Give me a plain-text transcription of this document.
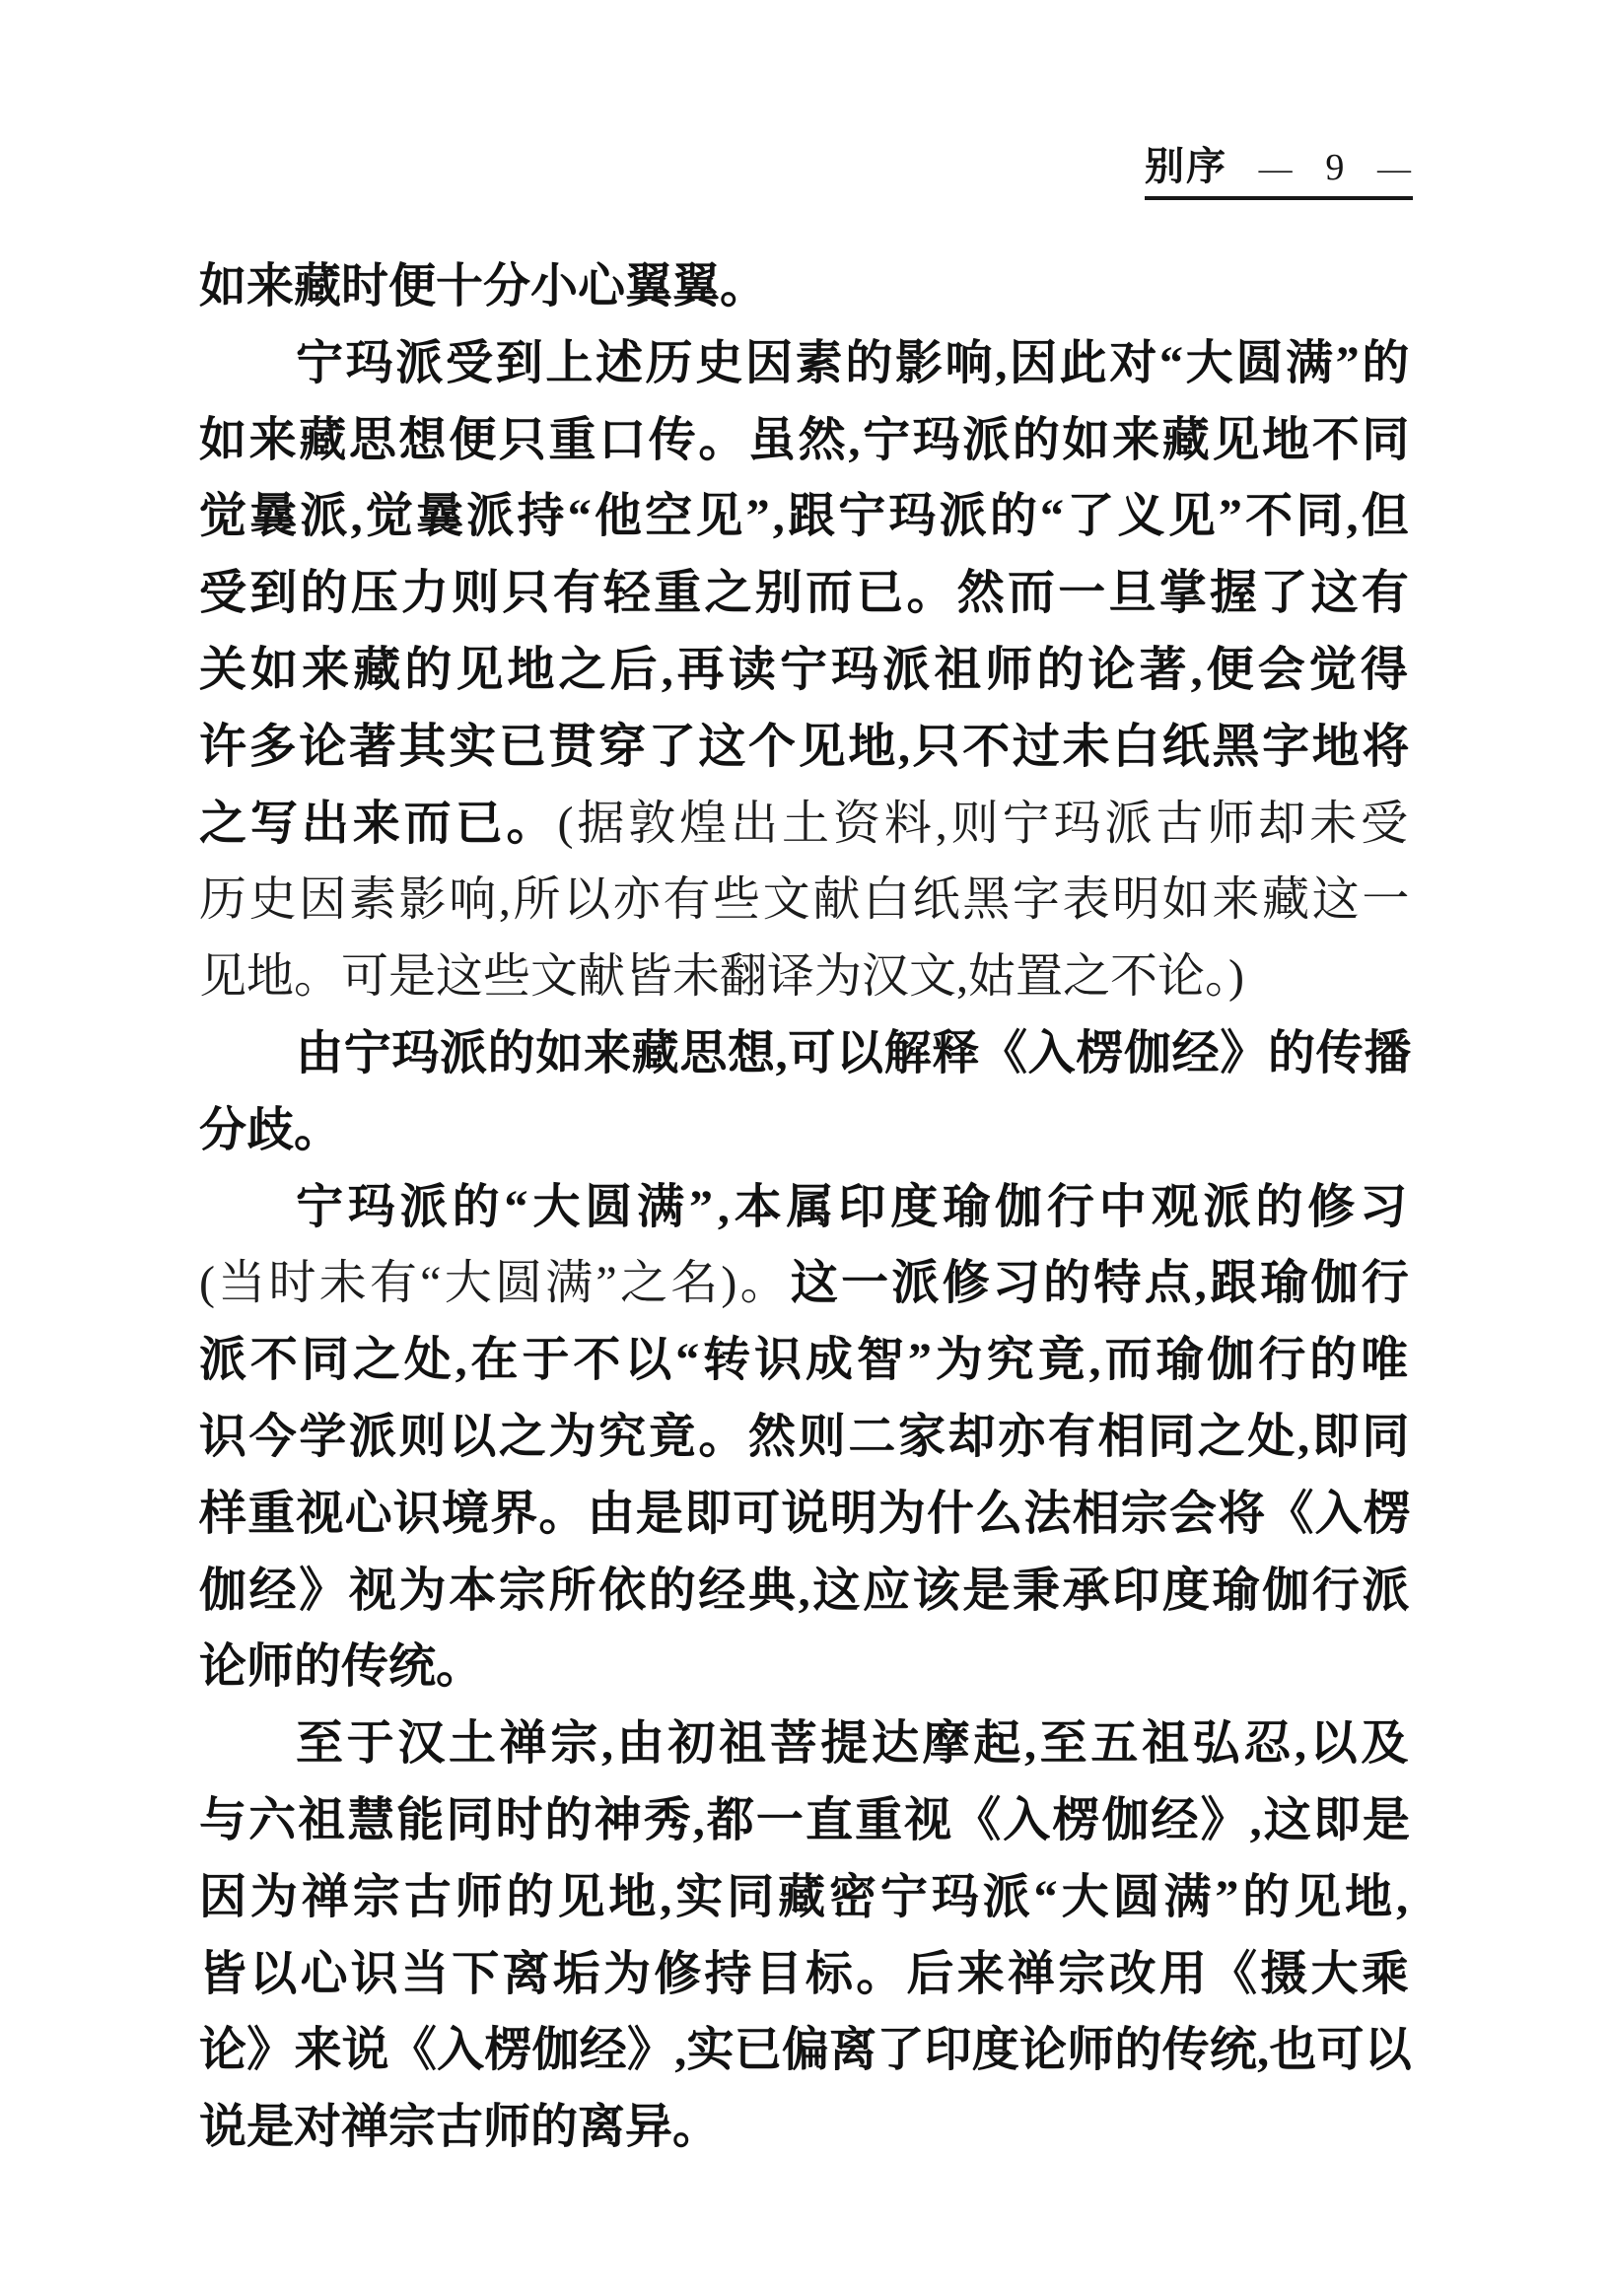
别序 — 9 —
如来藏时便十分小心翼翼。
宁玛派受到上述历史因素的影响,因此对“大圆满”的
如来藏思想便只重口传。虽然,宁玛派的如来藏见地不同
觉曩派,觉曩派持“他空见”,跟宁玛派的“了义见”不同,但
受到的压力则只有轻重之别而已。然而一旦掌握了这有
关如来藏的见地之后,再读宁玛派祖师的论著,便会觉得
许多论著其实已贯穿了这个见地,只不过未白纸黑字地将
之写出来而已。(据敦煌出土资料,则宁玛派古师却未受
历史因素影响,所以亦有些文献白纸黑字表明如来藏这一
见地。可是这些文献皆未翻译为汉文,姑置之不论。)
由宁玛派的如来藏思想,可以解释《入楞伽经》的传播
分歧。
宁玛派的“大圆满”,本属印度瑜伽行中观派的修习
(当时未有“大圆满”之名)。这一派修习的特点,跟瑜伽行
派不同之处,在于不以“转识成智”为究竟,而瑜伽行的唯
识今学派则以之为究竟。然则二家却亦有相同之处,即同
样重视心识境界。由是即可说明为什么法相宗会将《入楞
伽经》视为本宗所依的经典,这应该是秉承印度瑜伽行派
论师的传统。
至于汉土禅宗,由初祖菩提达摩起,至五祖弘忍,以及
与六祖慧能同时的神秀,都一直重视《入楞伽经》,这即是
因为禅宗古师的见地,实同藏密宁玛派“大圆满”的见地,
皆以心识当下离垢为修持目标。后来禅宗改用《摄大乘
论》来说《入楞伽经》,实已偏离了印度论师的传统,也可以
说是对禅宗古师的离异。
